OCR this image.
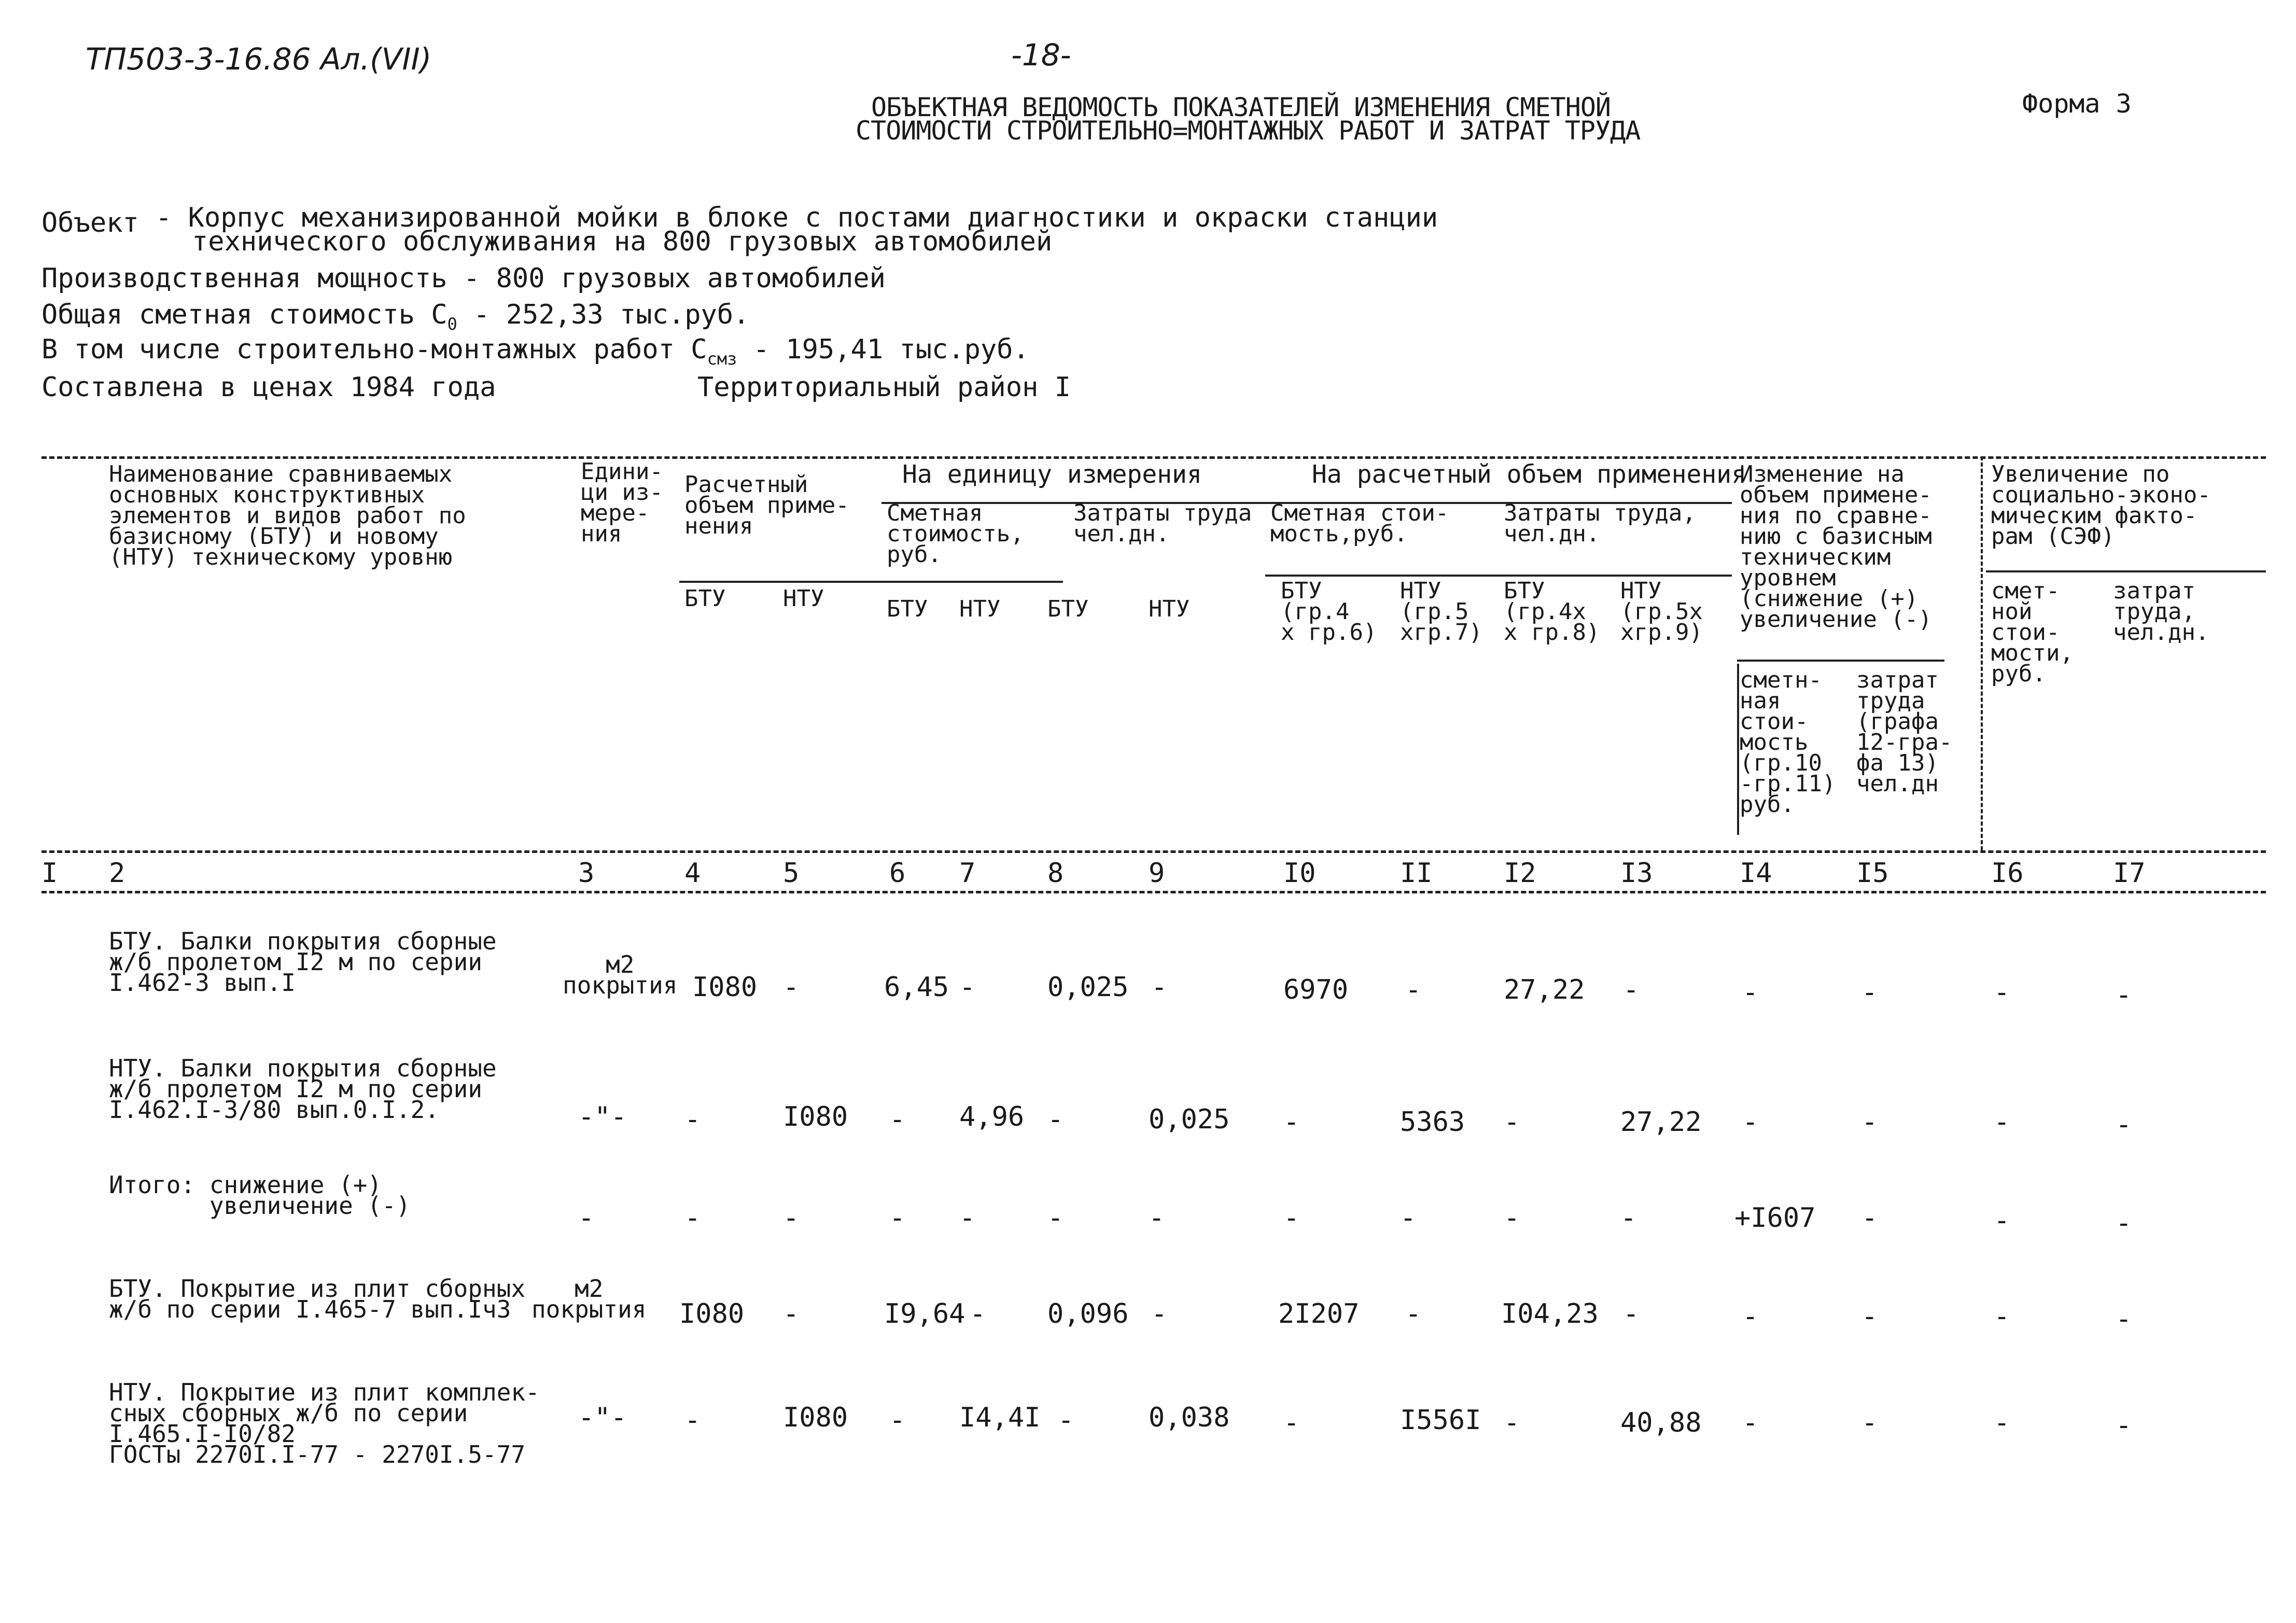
ТП503-3-16.86 Ал.(VII)	-18-
Форма 3
ОБЪЕКТНАЯ ВЕДОМОСТЬ ПОКАЗАТЕЛЕЙ ИЗМЕНЕНИЯ СМЕТНОЙ
СТОИМОСТИ СТРОИТЕЛЬНО=МОНТАЖНЫХ РАБОТ И ЗАТРАТ ТРУДА
Объект - Корпус механизированной мойки в блоке с постами диагностики и окраски станции
технического обслуживания на 800 грузовых автомобилей
Производственная мощность - 800 грузовых автомобилей
Общая сметная стоимость $С_0 - 252,33$ тыс.руб.
В том числе строительно-монтажных работ $С_{смз} - 195,41$ тыс.руб.
Составлена в ценах 1984 года	Территориальный район I
Наименование сравниваемых
основных конструктивных
элементов и видов работ по
базисному (БТУ) и новому
(НТУ) техническому уровню
Едини-
ци из-
мере-
ния
Расчетный
объем приме-
нения
На единицу измерения
Сметная
стоимость,
руб.
Затраты труда
чел.дн.
На расчетный объем применения
Сметная стои-
мость,руб.
Затраты труда,
чел.дн.
Изменение на
объем примене-
ния по сравне-
нию с базисным
техническим
уровнем
(снижение (+)
увеличение (-)
сметн-
ная
стои-
мость
(гр.10
-гр.11)
руб.
затрат
труда
(графа
12-гра-
фа 13)
чел.дн
Увеличение по
социально-эконо-
мическим факто-
рам (СЭФ)
смет-
ной
стои-
мости,
руб.
затрат
труда,
чел.дн.
БТУ	НТУ	БТУ НТУ БТУ	НТУ
БТУ
(гр.4
х гр.6)
НТУ
(гр.5
хгр.7)
БТУ
(гр.4х
х гр.8)
НТУ
(гр.5х
хгр.9)
I 2	3	4	5	6 7	8	9	I0	II	I2	I3	I4	I5	I6	I7
БТУ. Балки покрытия сборные
ж/б пролетом I2 м по серии
I.462-3 вып.I
м2
покрытия I080 -	6,45 -	0,025 -	6970 -	27,22 -	-	-	-	-
НТУ. Балки покрытия сборные
ж/б пролетом I2 м по серии
I.462.I-3/80 вып.0.I.2.	-"- -	I080 - 4,96 -	0,025 -	5363 -	27,22 -	-	-	-
Итого: снижение (+)
увеличение (-)	-	-	-	- -	-	-	-	-	-	-	+I607 -	-	-
БТУ. Покрытие из плит сборных
ж/б по серии I.465-7 вып.Iч3
м2
покрытия I080 -	I9,64 - 0,096 -	2I207 -	I04,23 -	-	-	-	-
НТУ. Покрытие из плит комплек-
сных сборных ж/б по серии
I.465.I-I0/82
ГОСТы 2270I.I-77 - 2270I.5-77
-"- -	I080 - I4,4I -	0,038 -	I556I -	40,88 -	-	-	-
